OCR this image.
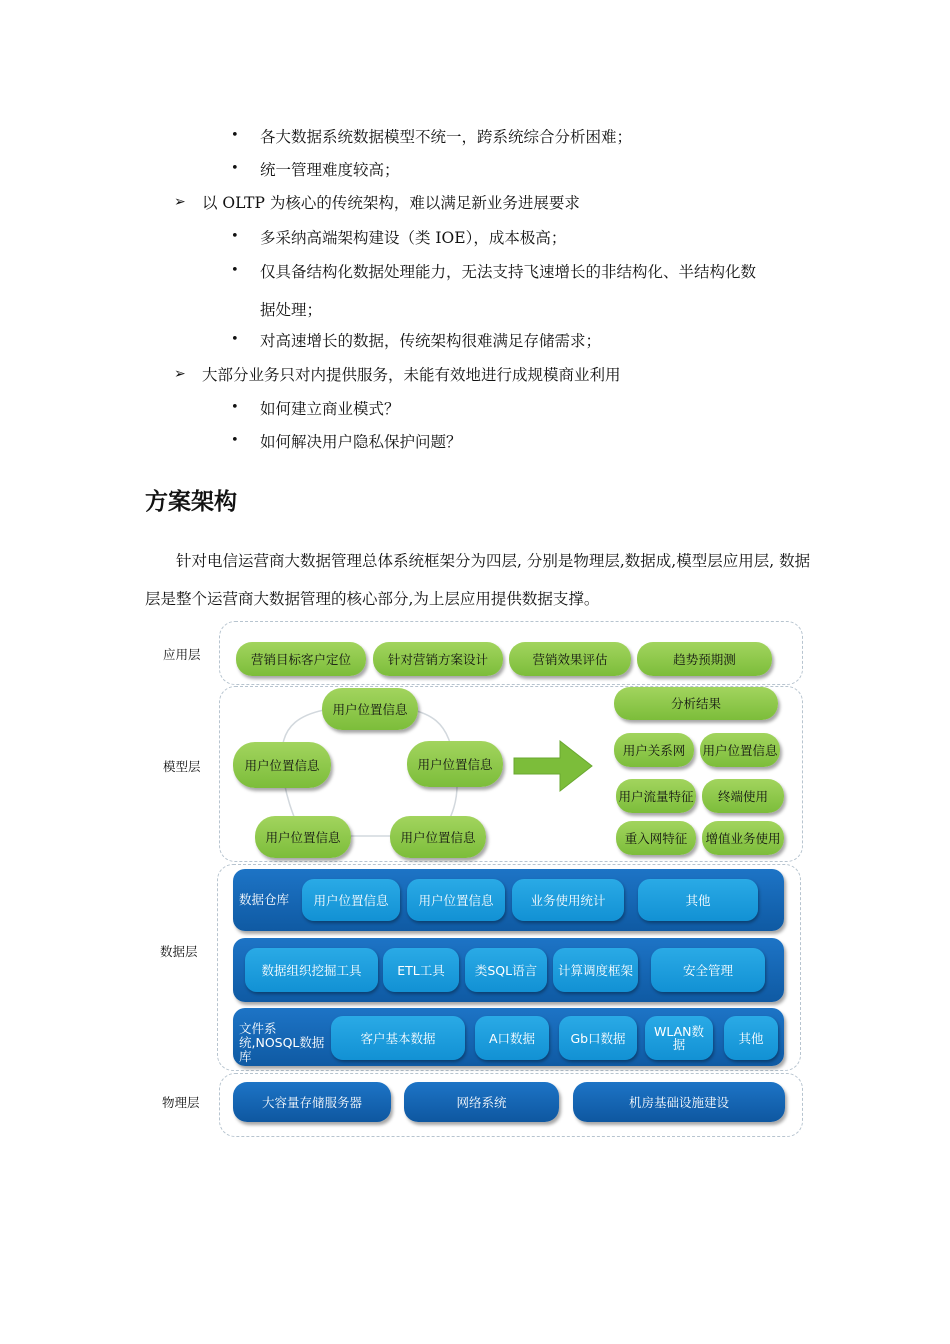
• 各大数据系统数据模型不统一，跨系统综合分析困难；
• 统一管理难度较高；
➢ 以 OLTP 为核心的传统架构，难以满足新业务进展要求
• 多采纳高端架构建设（类 IOE），成本极高；
• 仅具备结构化数据处理能力，无法支持飞速增长的非结构化、半结构化数
据处理；
• 对高速增长的数据，传统架构很难满足存储需求；
➢ 大部分业务只对内提供服务，未能有效地进行成规模商业利用
• 如何建立商业模式？
• 如何解决用户隐私保护问题？
方案架构
针对电信运营商大数据管理总体系统框架分为四层, 分别是物理层,数据成,模型层应用层, 数据层是整个运营商大数据管理的核心部分,为上层应用提供数据支撑。
应用层
模型层
数据层
物理层
营销目标客户定位	针对营销方案设计	营销效果评估	趋势预期测
用户位置信息
用户位置信息	用户位置信息
用户位置信息	用户位置信息
分析结果
用户关系网	用户位置信息
用户流量特征	终端使用
重入网特征	增值业务使用
数据仓库	用户位置信息	用户位置信息	业务使用统计	其他
数据组织挖掘工具	ETL工具	类SQL语言	计算调度框架	安全管理
文件系统,NOSQL数据库
客户基本数据	A口数据	Gb口数据	WLAN数据	其他
大容量存储服务器	网络系统	机房基础设施建设
